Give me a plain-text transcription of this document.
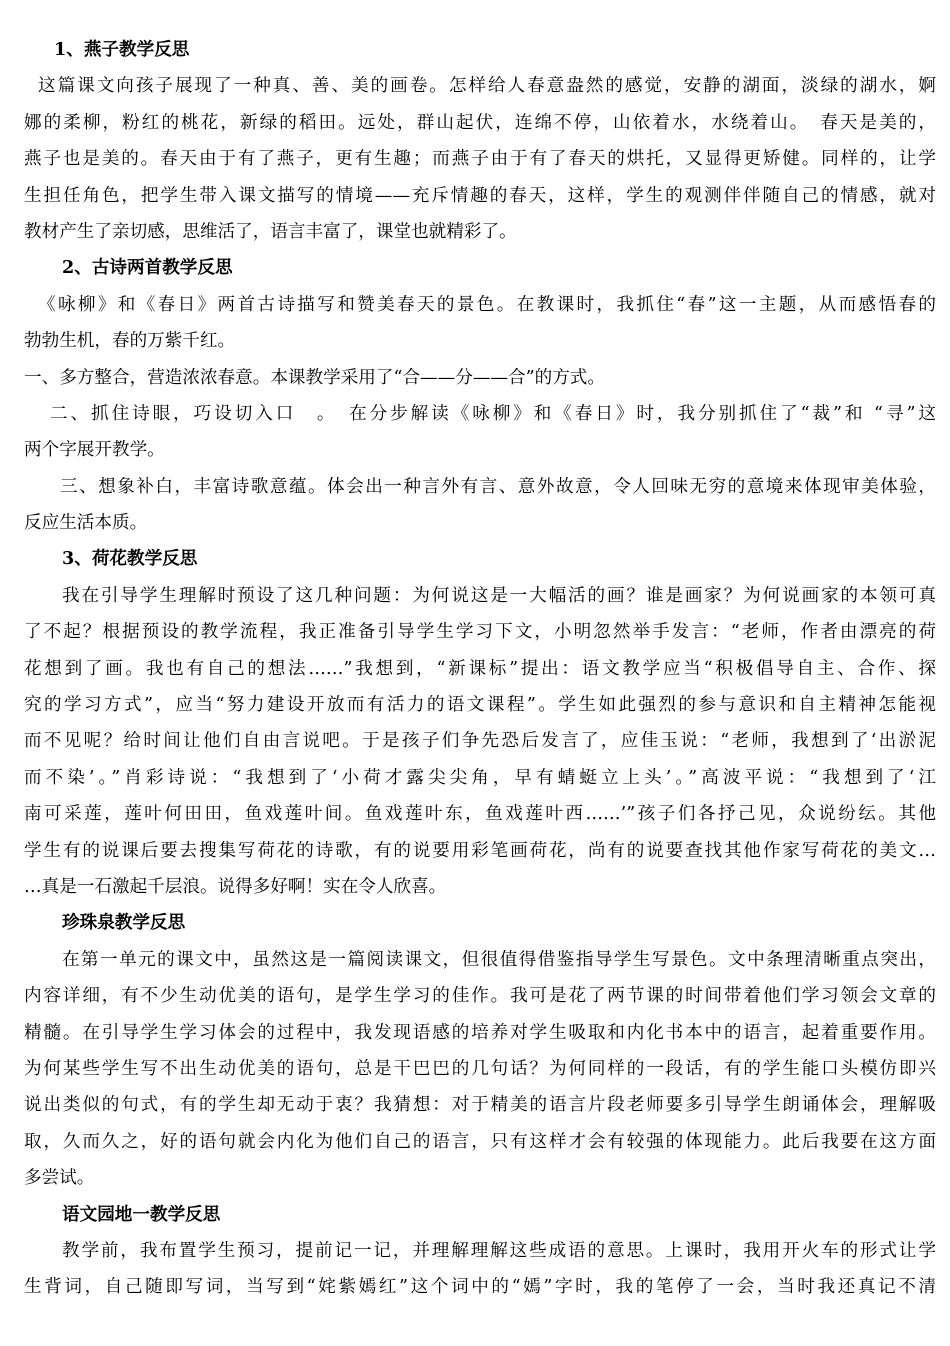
1、燕子教学反思
这篇课文向孩子展现了一种真、善、美的画卷。怎样给人春意盎然的感觉，安静的湖面，淡绿的湖水，婀
娜的柔柳，粉红的桃花，新绿的稻田。远处，群山起伏，连绵不停，山依着水，水绕着山。　春天是美的，
燕子也是美的。春天由于有了燕子，更有生趣；而燕子由于有了春天的烘托，又显得更矫健。同样的，让学
生担任角色，把学生带入课文描写的情境——充斥情趣的春天，这样，学生的观测伴伴随自己的情感，就对
教材产生了亲切感，思维活了，语言丰富了，课堂也就精彩了。
2、古诗两首教学反思
《咏柳》和《春日》两首古诗描写和赞美春天的景色。在教课时，我抓住“春”这一主题，从而感悟春的
勃勃生机，春的万紫千红。
一、多方整合，营造浓浓春意。本课教学采用了“合——分——合”的方式。
二、抓住诗眼，巧设切入口　。　在分步解读《咏柳》和《春日》时，我分别抓住了“裁”和 “寻”这
两个字展开教学。
三、想象补白，丰富诗歌意蕴。体会出一种言外有言、意外故意，令人回味无穷的意境来体现审美体验，
反应生活本质。
3、荷花教学反思
我在引导学生理解时预设了这几种问题：为何说这是一大幅活的画？谁是画家？为何说画家的本领可真
了不起？根据预设的教学流程，我正准备引导学生学习下文，小明忽然举手发言：“老师，作者由漂亮的荷
花想到了画。我也有自己的想法……”我想到，“新课标”提出：语文教学应当“积极倡导自主、合作、探
究的学习方式”，应当“努力建设开放而有活力的语文课程”。学生如此强烈的参与意识和自主精神怎能视
而不见呢？给时间让他们自由言说吧。于是孩子们争先恐后发言了，应佳玉说：“老师，我想到了‘出淤泥
而不染’。”肖彩诗说：“我想到了‘小荷才露尖尖角，早有蜻蜓立上头’。”高波平说：“我想到了‘江
南可采莲，莲叶何田田，鱼戏莲叶间。鱼戏莲叶东，鱼戏莲叶西……’”孩子们各抒己见，众说纷纭。其他
学生有的说课后要去搜集写荷花的诗歌，有的说要用彩笔画荷花，尚有的说要查找其他作家写荷花的美文…
…真是一石激起千层浪。说得多好啊！实在令人欣喜。
珍珠泉教学反思
在第一单元的课文中，虽然这是一篇阅读课文，但很值得借鉴指导学生写景色。文中条理清晰重点突出，
内容详细，有不少生动优美的语句，是学生学习的佳作。我可是花了两节课的时间带着他们学习领会文章的
精髓。在引导学生学习体会的过程中，我发现语感的培养对学生吸取和内化书本中的语言，起着重要作用。
为何某些学生写不出生动优美的语句，总是干巴巴的几句话？为何同样的一段话，有的学生能口头模仿即兴
说出类似的句式，有的学生却无动于衷？我猜想：对于精美的语言片段老师要多引导学生朗诵体会，理解吸
取，久而久之，好的语句就会内化为他们自己的语言，只有这样才会有较强的体现能力。此后我要在这方面
多尝试。
语文园地一教学反思
教学前，我布置学生预习，提前记一记，并理解理解这些成语的意思。上课时，我用开火车的形式让学
生背词，自己随即写词，当写到“姹紫嫣红”这个词中的“嫣”字时，我的笔停了一会，当时我还真记不清
